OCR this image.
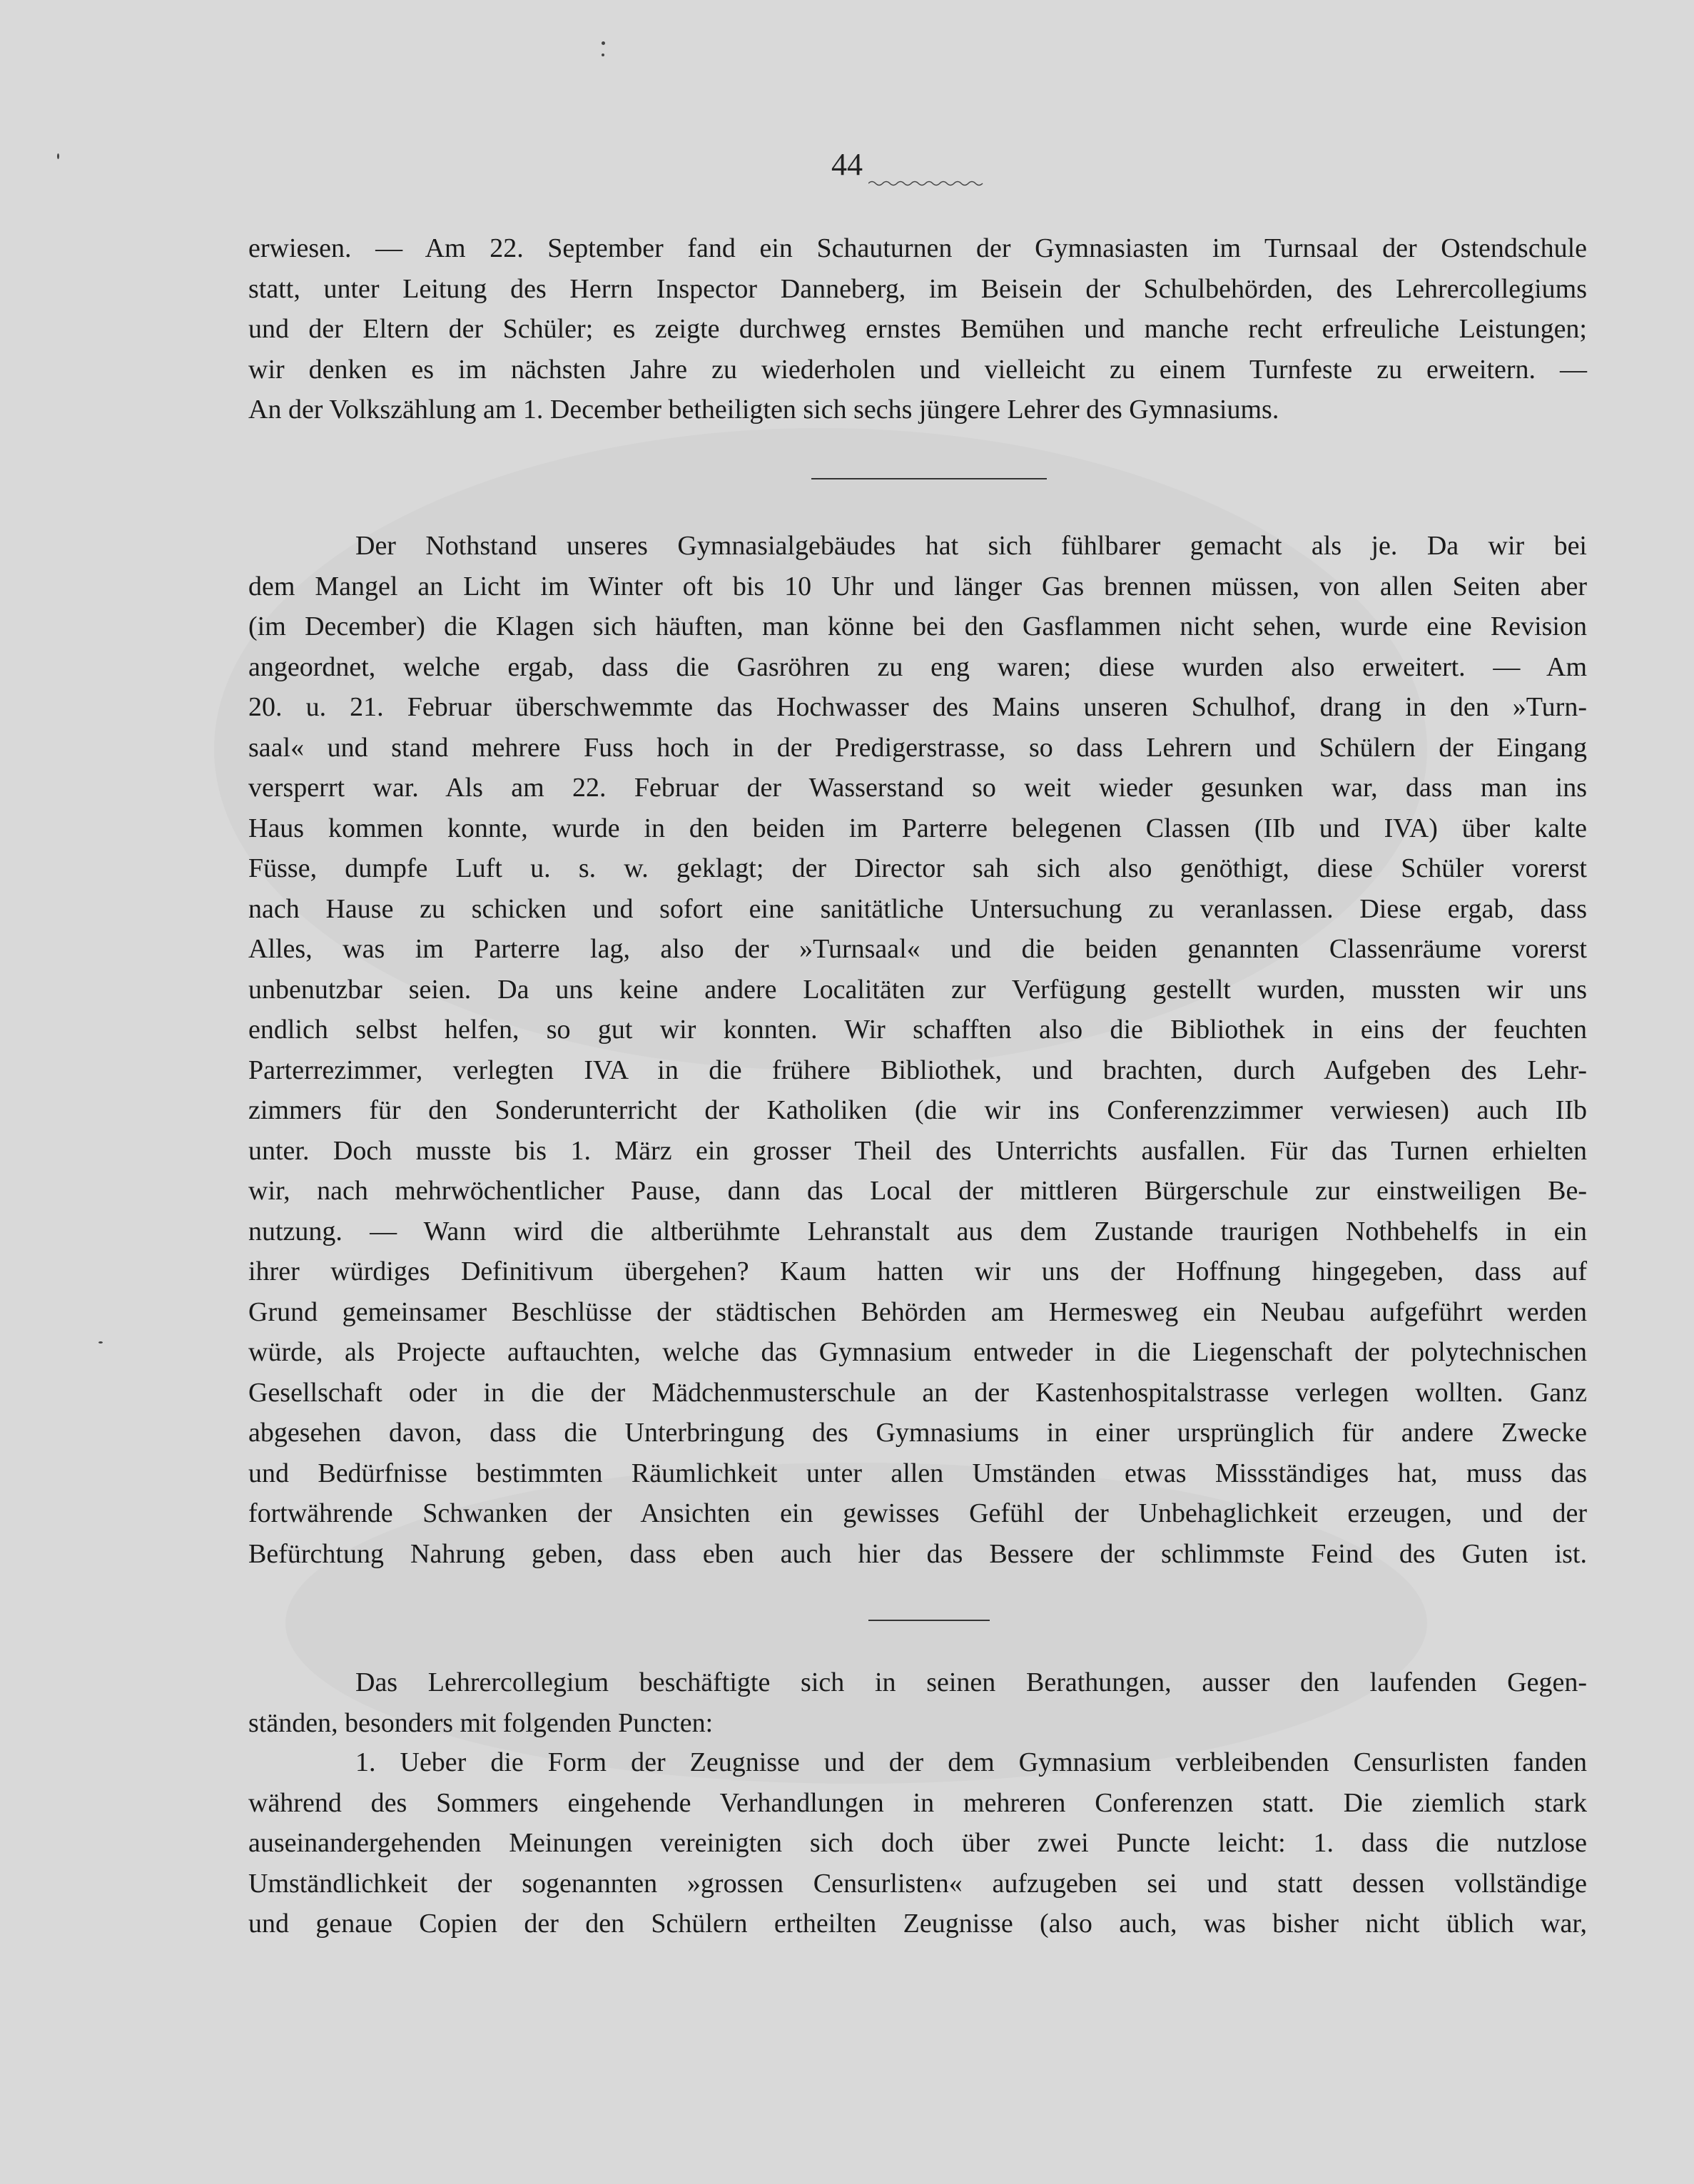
44
erwiesen. — Am 22. September fand ein Schauturnen der Gymnasiasten im Turnsaal der Ostendschule
statt, unter Leitung des Herrn Inspector Danneberg, im Beisein der Schulbehörden, des Lehrercollegiums
und der Eltern der Schüler; es zeigte durchweg ernstes Bemühen und manche recht erfreuliche Leistungen;
wir denken es im nächsten Jahre zu wiederholen und vielleicht zu einem Turnfeste zu erweitern. —
An der Volkszählung am 1. December betheiligten sich sechs jüngere Lehrer des Gymnasiums.
Der Nothstand unseres Gymnasialgebäudes hat sich fühlbarer gemacht als je. Da wir bei
dem Mangel an Licht im Winter oft bis 10 Uhr und länger Gas brennen müssen, von allen Seiten aber
(im December) die Klagen sich häuften, man könne bei den Gasflammen nicht sehen, wurde eine Revision
angeordnet, welche ergab, dass die Gasröhren zu eng waren; diese wurden also erweitert. — Am
20. u. 21. Februar überschwemmte das Hochwasser des Mains unseren Schulhof, drang in den »Turn-
saal« und stand mehrere Fuss hoch in der Predigerstrasse, so dass Lehrern und Schülern der Eingang
versperrt war. Als am 22. Februar der Wasserstand so weit wieder gesunken war, dass man ins
Haus kommen konnte, wurde in den beiden im Parterre belegenen Classen (IIb und IVA) über kalte
Füsse, dumpfe Luft u. s. w. geklagt; der Director sah sich also genöthigt, diese Schüler vorerst
nach Hause zu schicken und sofort eine sanitätliche Untersuchung zu veranlassen. Diese ergab, dass
Alles, was im Parterre lag, also der »Turnsaal« und die beiden genannten Classenräume vorerst
unbenutzbar seien. Da uns keine andere Localitäten zur Verfügung gestellt wurden, mussten wir uns
endlich selbst helfen, so gut wir konnten. Wir schafften also die Bibliothek in eins der feuchten
Parterrezimmer, verlegten IVA in die frühere Bibliothek, und brachten, durch Aufgeben des Lehr-
zimmers für den Sonderunterricht der Katholiken (die wir ins Conferenzzimmer verwiesen) auch IIb
unter. Doch musste bis 1. März ein grosser Theil des Unterrichts ausfallen. Für das Turnen erhielten
wir, nach mehrwöchentlicher Pause, dann das Local der mittleren Bürgerschule zur einstweiligen Be-
nutzung. — Wann wird die altberühmte Lehranstalt aus dem Zustande traurigen Nothbehelfs in ein
ihrer würdiges Definitivum übergehen? Kaum hatten wir uns der Hoffnung hingegeben, dass auf
Grund gemeinsamer Beschlüsse der städtischen Behörden am Hermesweg ein Neubau aufgeführt werden
würde, als Projecte auftauchten, welche das Gymnasium entweder in die Liegenschaft der polytechnischen
Gesellschaft oder in die der Mädchenmusterschule an der Kastenhospitalstrasse verlegen wollten. Ganz
abgesehen davon, dass die Unterbringung des Gymnasiums in einer ursprünglich für andere Zwecke
und Bedürfnisse bestimmten Räumlichkeit unter allen Umständen etwas Missständiges hat, muss das
fortwährende Schwanken der Ansichten ein gewisses Gefühl der Unbehaglichkeit erzeugen, und der
Befürchtung Nahrung geben, dass eben auch hier das Bessere der schlimmste Feind des Guten ist.
Das Lehrercollegium beschäftigte sich in seinen Berathungen, ausser den laufenden Gegen-
ständen, besonders mit folgenden Puncten:
1. Ueber die Form der Zeugnisse und der dem Gymnasium verbleibenden Censurlisten fanden
während des Sommers eingehende Verhandlungen in mehreren Conferenzen statt. Die ziemlich stark
auseinandergehenden Meinungen vereinigten sich doch über zwei Puncte leicht: 1. dass die nutzlose
Umständlichkeit der sogenannten »grossen Censurlisten« aufzugeben sei und statt dessen vollständige
und genaue Copien der den Schülern ertheilten Zeugnisse (also auch, was bisher nicht üblich war,
